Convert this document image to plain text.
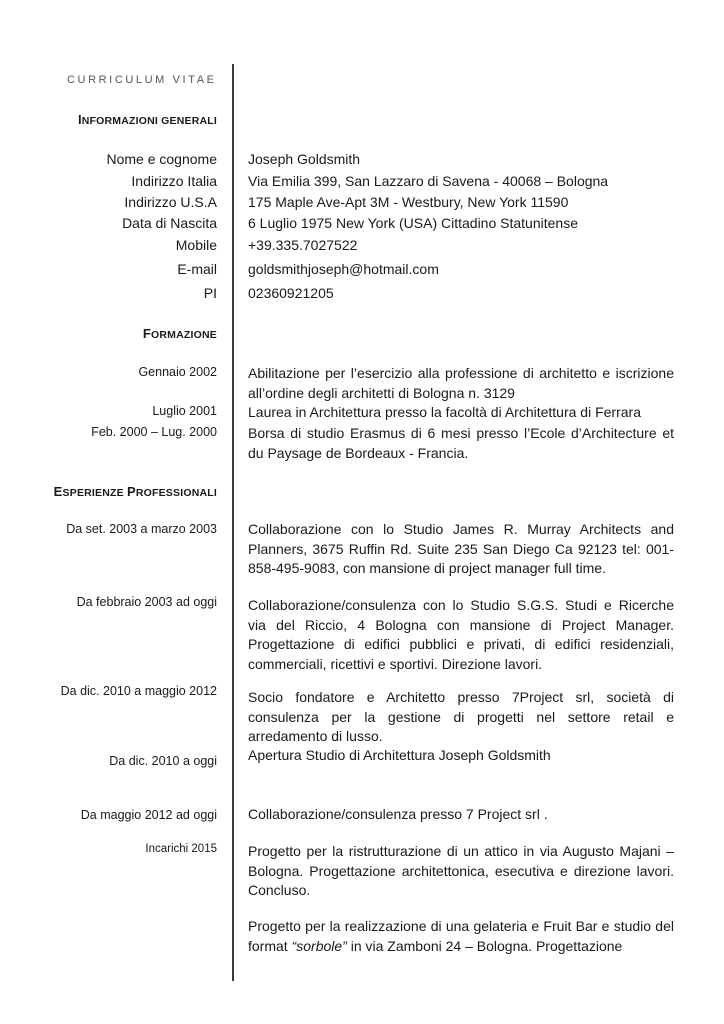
CURRICULUM VITAE
INFORMAZIONI GENERALI
Nome e cognome Joseph Goldsmith
Indirizzo Italia Via Emilia 399, San Lazzaro di Savena - 40068 – Bologna
Indirizzo U.S.A 175 Maple Ave-Apt 3M - Westbury, New York 11590
Data di Nascita 6 Luglio 1975 New York (USA) Cittadino Statunitense
Mobile +39.335.7027522
E-mail goldsmithjoseph@hotmail.com
PI 02360921205
FORMAZIONE
Gennaio 2002 Abilitazione per l’esercizio alla professione di architetto e iscrizione all’ordine degli architetti di Bologna n. 3129
Luglio 2001 Laurea in Architettura presso la facoltà di Architettura di Ferrara
Feb. 2000 – Lug. 2000 Borsa di studio Erasmus di 6 mesi presso l’Ecole d’Architecture et du Paysage de Bordeaux - Francia.
ESPERIENZE PROFESSIONALI
Da set. 2003 a marzo 2003 Collaborazione con lo Studio James R. Murray Architects and Planners, 3675 Ruffin Rd. Suite 235 San Diego Ca 92123 tel: 001-858-495-9083, con mansione di project manager full time.
Da febbraio 2003 ad oggi Collaborazione/consulenza con lo Studio S.G.S. Studi e Ricerche via del Riccio, 4 Bologna con mansione di Project Manager. Progettazione di edifici pubblici e privati, di edifici residenziali, commerciali, ricettivi e sportivi. Direzione lavori.
Da dic. 2010 a maggio 2012 Socio fondatore e Architetto presso 7Project srl, società di consulenza per la gestione di progetti nel settore retail e arredamento di lusso.
Da dic. 2010 a oggi Apertura Studio di Architettura Joseph Goldsmith
Da maggio 2012 ad oggi Collaborazione/consulenza presso 7 Project srl .
Incarichi 2015 Progetto per la ristrutturazione di un attico in via Augusto Majani – Bologna. Progettazione architettonica, esecutiva e direzione lavori. Concluso.
Progetto per la realizzazione di una gelateria e Fruit Bar e studio del format “sorbole” in via Zamboni 24 – Bologna. Progettazione
